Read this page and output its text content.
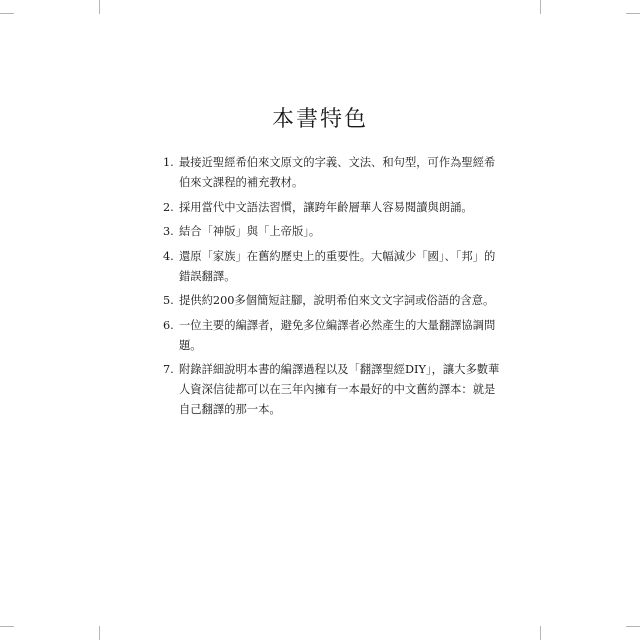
本書特色
1. 最接近聖經希伯來文原文的字義、文法、和句型，可作為聖經希伯來文課程的補充教材。
2. 採用當代中文語法習慣，讓跨年齡層華人容易閱讀與朗誦。
3. 結合「神版」與「上帝版」。
4. 還原「家族」在舊約歷史上的重要性。大幅減少「國」、「邦」的錯誤翻譯。
5. 提供約200多個簡短註腳，說明希伯來文文字詞或俗語的含意。
6. 一位主要的編譯者，避免多位編譯者必然產生的大量翻譯協調問題。
7. 附錄詳細說明本書的編譯過程以及「翻譯聖經DIY」，讓大多數華人資深信徒都可以在三年內擁有一本最好的中文舊約譯本：就是自己翻譯的那一本。
